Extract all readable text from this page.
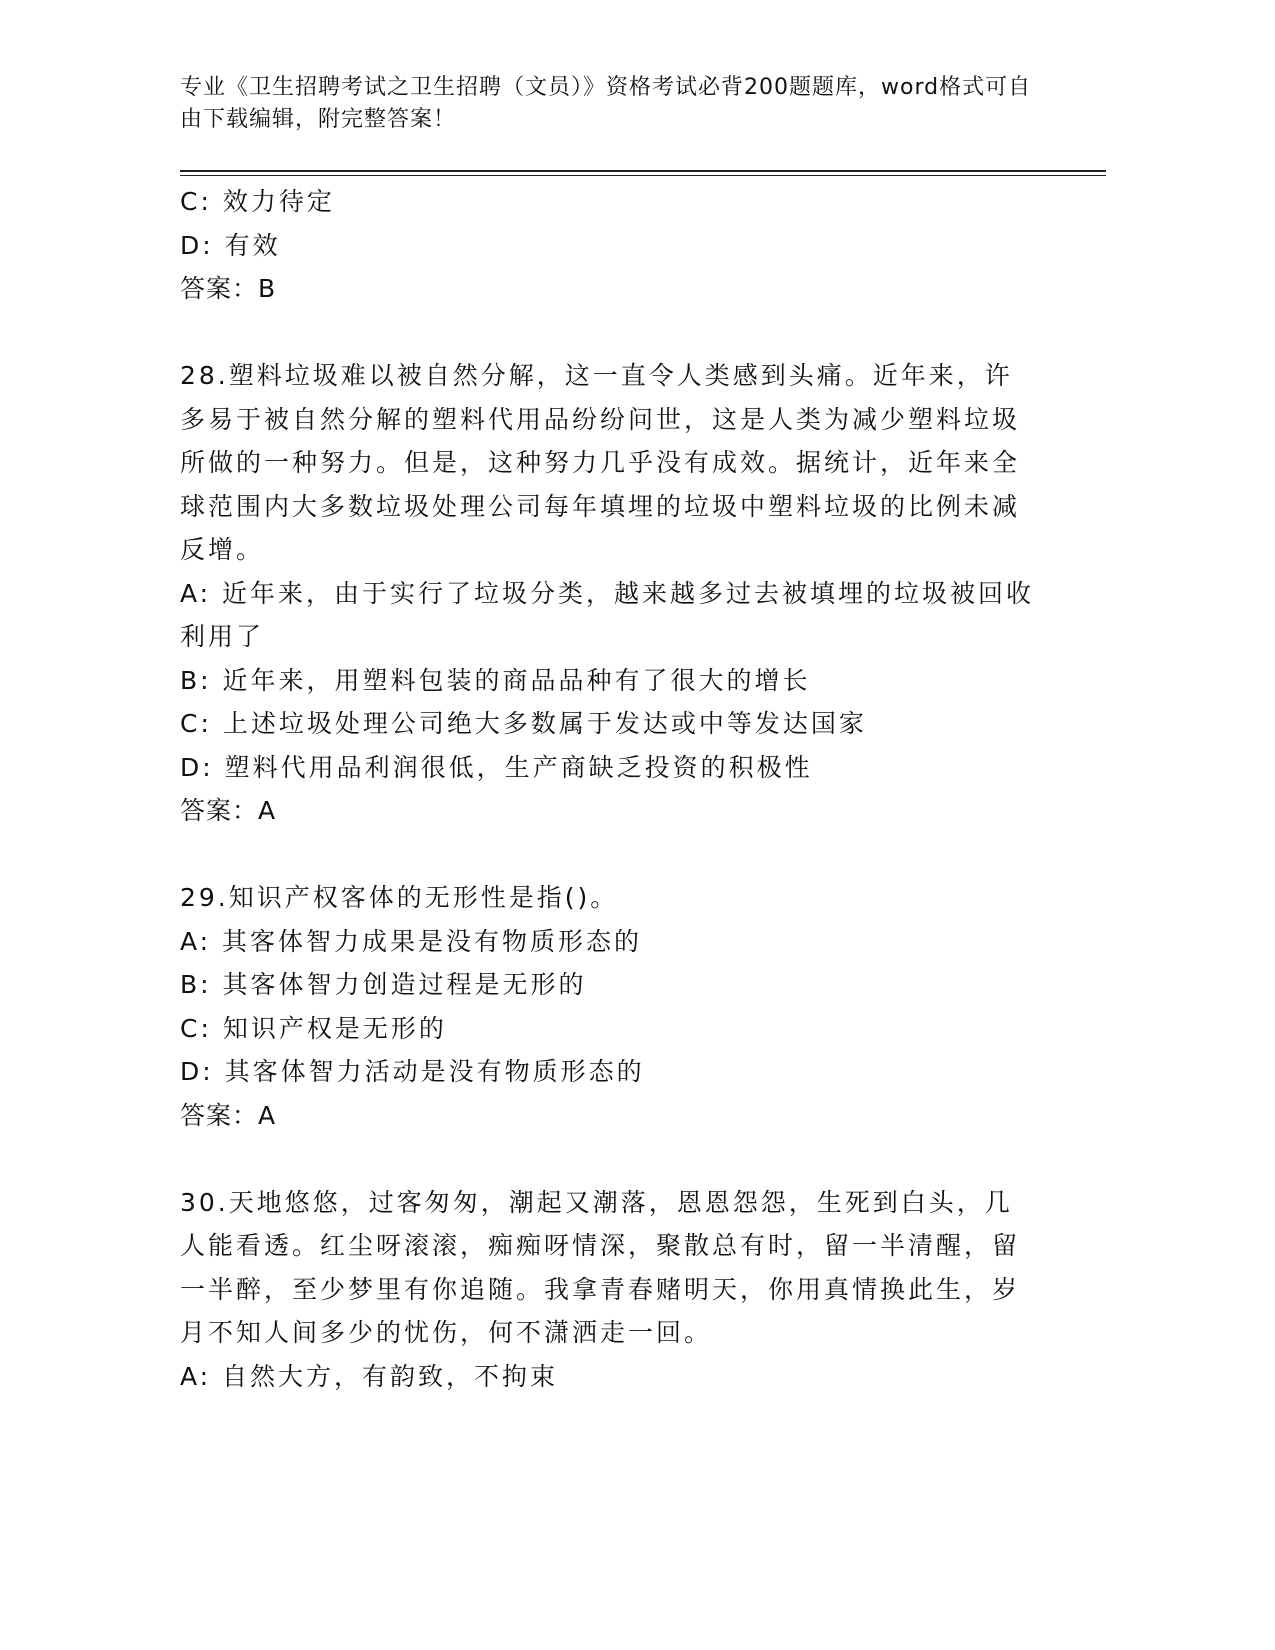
专业《卫生招聘考试之卫生招聘（文员）》资格考试必背200题题库，word格式可自由下载编辑，附完整答案！

C: 效力待定

D: 有效

答案：B

28.塑料垃圾难以被自然分解，这一直令人类感到头痛。近年来，许多易于被自然分解的塑料代用品纷纷问世，这是人类为减少塑料垃圾所做的一种努力。但是，这种努力几乎没有成效。据统计，近年来全球范围内大多数垃圾处理公司每年填埋的垃圾中塑料垃圾的比例未减反增。

A: 近年来，由于实行了垃圾分类，越来越多过去被填埋的垃圾被回收利用了

B: 近年来，用塑料包装的商品品种有了很大的增长

C: 上述垃圾处理公司绝大多数属于发达或中等发达国家

D: 塑料代用品利润很低，生产商缺乏投资的积极性

答案：A

29.知识产权客体的无形性是指()。

A: 其客体智力成果是没有物质形态的

B: 其客体智力创造过程是无形的

C: 知识产权是无形的

D: 其客体智力活动是没有物质形态的

答案：A

30.天地悠悠，过客匆匆，潮起又潮落，恩恩怨怨，生死到白头，几人能看透。红尘呀滚滚，痴痴呀情深，聚散总有时，留一半清醒，留一半醉，至少梦里有你追随。我拿青春赌明天，你用真情换此生，岁月不知人间多少的忧伤，何不潇洒走一回。

A: 自然大方，有韵致，不拘束
